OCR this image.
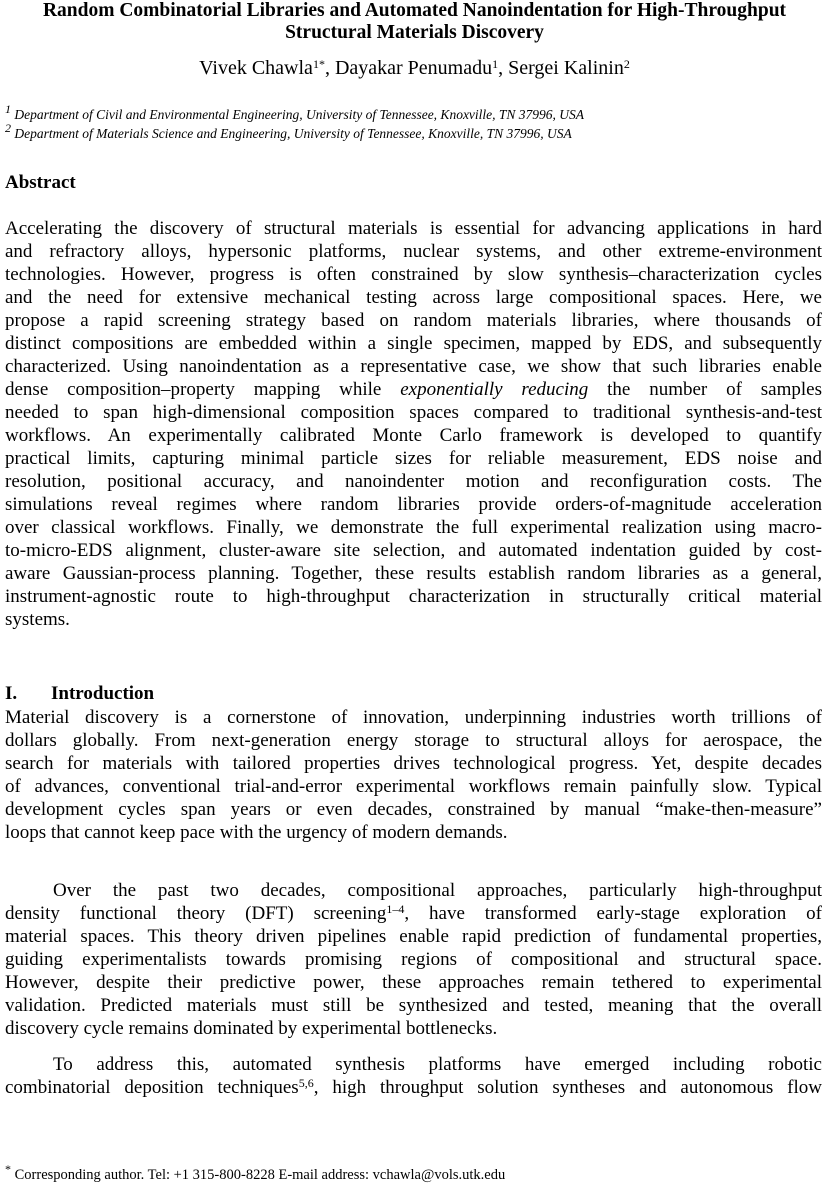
Random Combinatorial Libraries and Automated Nanoindentation for High-Throughput
Structural Materials Discovery
Vivek Chawla$^{1*}$, Dayakar Penumadu$^1$, Sergei Kalinin$^2$
$^1$ Department of Civil and Environmental Engineering, University of Tennessee, Knoxville, TN 37996, USA
$^2$ Department of Materials Science and Engineering, University of Tennessee, Knoxville, TN 37996, USA
Abstract
Accelerating the discovery of structural materials is essential for advancing applications in hard
and refractory alloys, hypersonic platforms, nuclear systems, and other extreme-environment
technologies. However, progress is often constrained by slow synthesis–characterization cycles
and the need for extensive mechanical testing across large compositional spaces. Here, we
propose a rapid screening strategy based on random materials libraries, where thousands of
distinct compositions are embedded within a single specimen, mapped by EDS, and subsequently
characterized. Using nanoindentation as a representative case, we show that such libraries enable
dense composition–property mapping while exponentially reducing the number of samples
needed to span high-dimensional composition spaces compared to traditional synthesis-and-test
workflows. An experimentally calibrated Monte Carlo framework is developed to quantify
practical limits, capturing minimal particle sizes for reliable measurement, EDS noise and
resolution, positional accuracy, and nanoindenter motion and reconfiguration costs. The
simulations reveal regimes where random libraries provide orders-of-magnitude acceleration
over classical workflows. Finally, we demonstrate the full experimental realization using macro-
to-micro-EDS alignment, cluster-aware site selection, and automated indentation guided by cost-
aware Gaussian-process planning. Together, these results establish random libraries as a general,
instrument-agnostic route to high-throughput characterization in structurally critical material
systems.
I. Introduction
Material discovery is a cornerstone of innovation, underpinning industries worth trillions of
dollars globally. From next-generation energy storage to structural alloys for aerospace, the
search for materials with tailored properties drives technological progress. Yet, despite decades
of advances, conventional trial-and-error experimental workflows remain painfully slow. Typical
development cycles span years or even decades, constrained by manual “make-then-measure”
loops that cannot keep pace with the urgency of modern demands.
Over the past two decades, compositional approaches, particularly high-throughput
density functional theory (DFT) screening$^{1-4}$, have transformed early-stage exploration of
material spaces. This theory driven pipelines enable rapid prediction of fundamental properties,
guiding experimentalists towards promising regions of compositional and structural space.
However, despite their predictive power, these approaches remain tethered to experimental
validation. Predicted materials must still be synthesized and tested, meaning that the overall
discovery cycle remains dominated by experimental bottlenecks.
To address this, automated synthesis platforms have emerged including robotic
combinatorial deposition techniques$^{5,6}$, high throughput solution syntheses and autonomous flow
* Corresponding author. Tel: +1 315-800-8228 E-mail address: vchawla@vols.utk.edu
